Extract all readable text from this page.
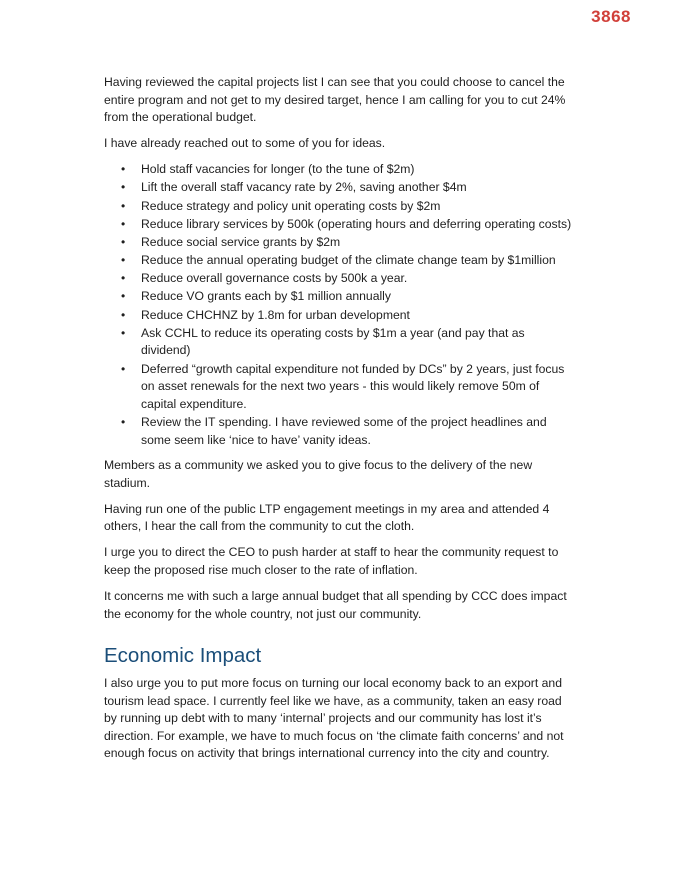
3868

Having reviewed the capital projects list I can see that you could choose to cancel the entire program and not get to my desired target, hence I am calling for you to cut 24% from the operational budget.

I have already reached out to some of you for ideas.

• Hold staff vacancies for longer (to the tune of $2m)
• Lift the overall staff vacancy rate by 2%, saving another $4m
• Reduce strategy and policy unit operating costs by $2m
• Reduce library services by 500k (operating hours and deferring operating costs)
• Reduce social service grants by $2m
• Reduce the annual operating budget of the climate change team by $1million
• Reduce overall governance costs by 500k a year.
• Reduce VO grants each by $1 million annually
• Reduce CHCHNZ by 1.8m for urban development
• Ask CCHL to reduce its operating costs by $1m a year (and pay that as dividend)
• Deferred “growth capital expenditure not funded by DCs” by 2 years, just focus on asset renewals for the next two years - this would likely remove 50m of capital expenditure.
• Review the IT spending. I have reviewed some of the project headlines and some seem like ‘nice to have’ vanity ideas.

Members as a community we asked you to give focus to the delivery of the new stadium.

Having run one of the public LTP engagement meetings in my area and attended 4 others, I hear the call from the community to cut the cloth.

I urge you to direct the CEO to push harder at staff to hear the community request to keep the proposed rise much closer to the rate of inflation.

It concerns me with such a large annual budget that all spending by CCC does impact the economy for the whole country, not just our community.

Economic Impact

I also urge you to put more focus on turning our local economy back to an export and tourism lead space. I currently feel like we have, as a community, taken an easy road by running up debt with to many ‘internal’ projects and our community has lost it’s direction. For example, we have to much focus on ‘the climate faith concerns’ and not enough focus on activity that brings international currency into the city and country.
